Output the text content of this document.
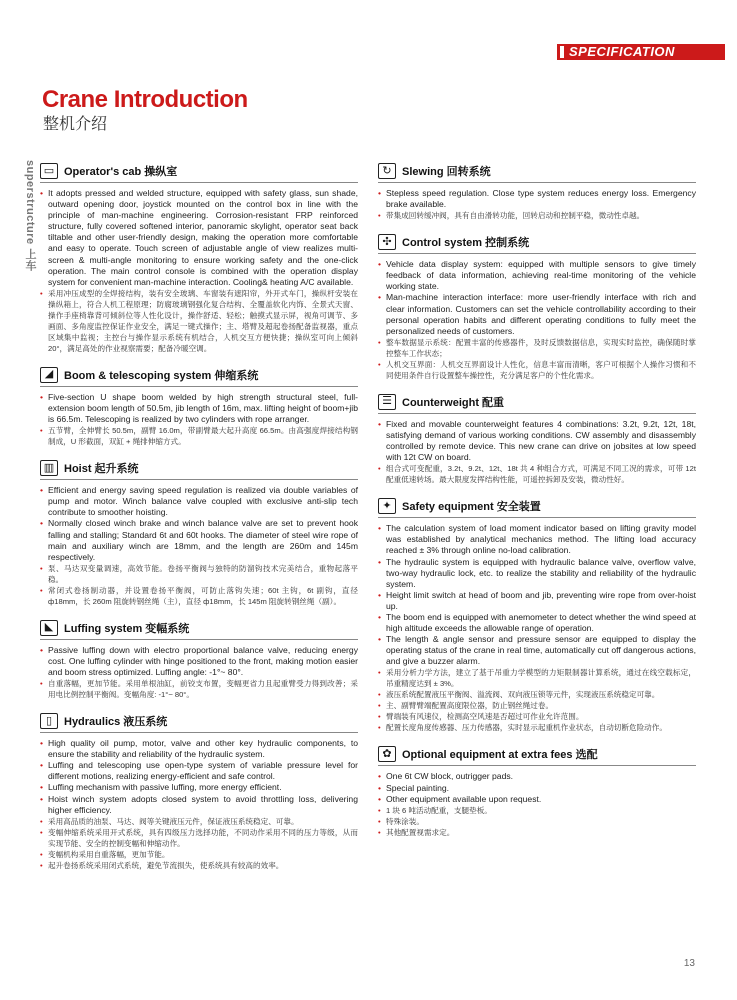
SPECIFICATION
Crane Introduction
整机介绍
superstructure 上车 ▭ Operator's cab 操纵室
• It adopts pressed and welded structure, equipped with safety glass, sun shade, outward opening door, joystick mounted on the control box in line with the principle of man-machine engineering. Corrosion-resistant FRP reinforced structure, fully covered softened interior, panoramic skylight, operator seat back tiltable and other user-friendly design, making the operation more comfortable and easy to operate. Touch screen of adjustable angle of view realizes multi-screen & multi-angle monitoring to ensure working safety and the one-click operation. The main control console is combined with the operation display system for convenient man-machine interaction. Cooling& heating A/C available.
• 采用冲压成型的全焊接结构，装有安全玻璃、车窗装有遮阳帘，外开式车门，操纵杆安装在操纵箱上，符合人机工程原理；防腐玻璃钢强化复合结构、全覆盖软化内饰、全景式天窗、操作手座椅靠背可倾斜位等人性化设计，操作舒适、轻松；触摸式显示屏，视角可调节、多画面、多角度监控保证作业安全，满足一键式操作；主、塔臂及超起卷扬配备监视器，重点区域集中监视；主控台与操作显示系统有机结合，人机交互方便快捷；操纵室可向上倾斜 20°，满足高处的作业视察需要；配备冷暖空调。
◢ Boom & telescoping system 伸缩系统
• Five-section U shape boom welded by high strength structural steel, full-extension boom length of 50.5m, jib length of 16m, max. lifting height of boom+jib is 66.5m. Telescoping is realized by two cylinders with rope arranger.
• 五节臂，全伸臂长 50.5m，副臂 16.0m，带副臂最大起升高度 66.5m。由高强度焊接结构钢制成，U 形截面，双缸 + 绳排伸缩方式。
▥ Hoist 起升系统
• Efficient and energy saving speed regulation is realized via double variables of pump and motor. Winch balance valve coupled with exclusive anti-slip tech contribute to smoother hoisting.
• Normally closed winch brake and winch balance valve are set to prevent hook falling and stalling; Standard 6t and 60t hooks. The diameter of steel wire rope of main and auxiliary winch are 18mm, and the length are 260m and 145m respectively.
• 泵、马达双变量调速，高效节能。卷扬平衡阀与独特的防溜钩技术完美结合，重物起落平稳。
• 常闭式卷扬制动器，并设置卷扬平衡阀，可防止落钩失速；60t 主钩，6t 副钩，直径 ф18mm，长 260m 阻旋转钢丝绳（主），直径 ф18mm，长 145m 阻旋转钢丝绳（副）。
◣ Luffing system 变幅系统
• Passive luffing down with electro proportional balance valve, reducing energy cost. One luffing cylinder with hinge positioned to the front, making motion easier and boom stress optimized. Luffing angle: -1°~ 80°.
• 自重落幅，更加节能。采用单根油缸，前铰支布置，变幅更省力且起重臂受力得到改善；采用电比例控制平衡阀。变幅角度: -1°~ 80°。
▯	Hydraulics 液压系统
• High quality oil pump, motor, valve and other key hydraulic components, to ensure the stability and reliability of the hydraulic system.
• Luffing and telescoping use open-type system of variable pressure level for different motions, realizing energy-efficient and safe control.
• Luffing mechanism with passive luffing, more energy efficient.
• Hoist winch system adopts closed system to avoid throttling loss, delivering higher efficiency.
• 采用高品质的油泵、马达、阀等关键液压元件，保证液压系统稳定、可靠。
• 变幅伸缩系统采用开式系统，具有四级压力选择功能，不同动作采用不同的压力等级，从而实现节能、安全的控制变幅和伸缩动作。
• 变幅机构采用自重落幅，更加节能。
• 起升卷扬系统采用闭式系统，避免节流损失，使系统具有较高的效率。
↻ Slewing 回转系统
• Stepless speed regulation. Close type system reduces energy loss. Emergency brake available.
• 带集成回转缓冲阀，具有自由滑转功能，回转启动和控制平稳，微动性卓越。
✣ Control system 控制系统
• Vehicle data display system: equipped with multiple sensors to give timely feedback of data information, achieving real-time monitoring of the vehicle working state.
• Man-machine interaction interface: more user-friendly interface with rich and clear information. Customers can set the vehicle controllability according to their personal operation habits and different operating conditions to fully meet the personalized needs of customers.
• 整车数据显示系统：配置丰富的传感器件，及时反馈数据信息，实现实时监控，确保随时掌控整车工作状态；
• 人机交互界面：人机交互界面设计人性化，信息丰富而清晰，客户可根据个人操作习惯和不同使用条件自行设置整车操控性，充分满足客户的个性化需求。
☰ Counterweight 配重
• Fixed and movable counterweight features 4 combinations: 3.2t, 9.2t, 12t, 18t, satisfying demand of various working conditions. CW assembly and disassembly controlled by remote device. This new crane can drive on jobsites at low speed with 12t CW on board.
• 组合式可变配重，3.2t、9.2t、12t、18t 共 4 种组合方式，可满足不同工况的需求，可带 12t 配重低速转场。最大限度发挥结构性能，可遥控拆卸及安装，微动性好。
✦ Safety equipment 安全装置
• The calculation system of load moment indicator based on lifting gravity model was established by analytical mechanics method. The lifting load accuracy reached ± 3% through online no-load calibration.
• The hydraulic system is equipped with hydraulic balance valve, overflow valve, two-way hydraulic lock, etc. to realize the stability and reliability of the hydraulic system.
• Height limit switch at head of boom and jib, preventing wire rope from over-hoist up.
• The boom end is equipped with anemometer to detect whether the wind speed at high altitude exceeds the allowable range of operation.
• The length & angle sensor and pressure sensor are equipped to display the operating status of the crane in real time, automatically cut off dangerous actions, and give a buzzer alarm.
• 采用分析力学方法，建立了基于吊重力学模型的力矩限制器计算系统，通过在线空载标定，吊重精度达到 ± 3%。
• 液压系统配置液压平衡阀、溢流阀、双向液压锁等元件，实现液压系统稳定可靠。
• 主、副臂臂端配置高度限位器，防止钢丝绳过卷。
• 臂端装有风速仪，检测高空风速是否超过可作业允许范围。
• 配置长度角度传感器、压力传感器，实时显示起重机作业状态，自动切断危险动作。
✿ Optional equipment at extra fees 选配
• One 6t CW block, outrigger pads.
• Special painting.
• Other equipment available upon request.
• 1 块 6 吨活动配重，支腿垫板。
• 特殊涂装。
• 其他配置视需求定。
13
